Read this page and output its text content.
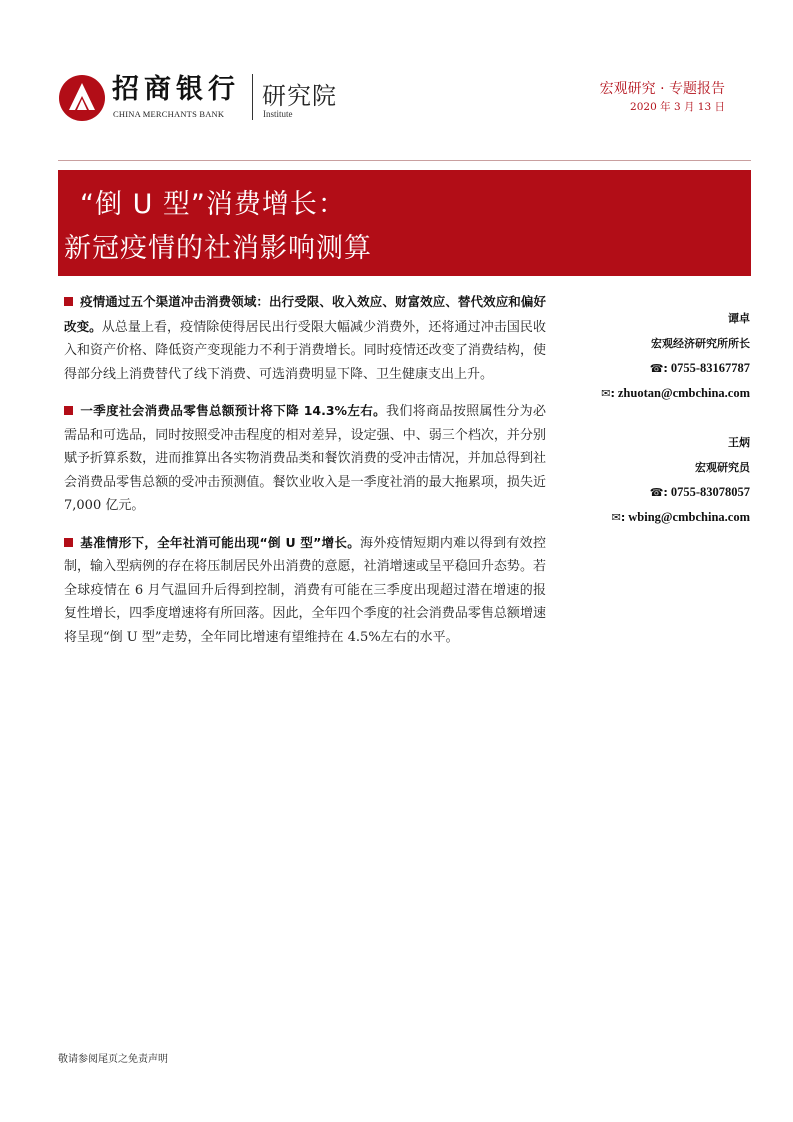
招商银行
CHINA MERCHANTS BANK
研究院
Institute
宏观研究 · 专题报告
2020 年 3 月 13 日
“倒 U 型”消费增长：
新冠疫情的社消影响测算

疫情通过五个渠道冲击消费领域：出行受限、收入效应、财富效应、替代效应和偏好改变。从总量上看，疫情除使得居民出行受限大幅减少消费外，还将通过冲击国民收入和资产价格、降低资产变现能力不利于消费增长。同时疫情还改变了消费结构，使得部分线上消费替代了线下消费、可选消费明显下降、卫生健康支出上升。

一季度社会消费品零售总额预计将下降 14.3%左右。我们将商品按照属性分为必需品和可选品，同时按照受冲击程度的相对差异，设定强、中、弱三个档次，并分别赋予折算系数，进而推算出各实物消费品类和餐饮消费的受冲击情况，并加总得到社会消费品零售总额的受冲击预测值。餐饮业收入是一季度社消的最大拖累项，损失近 7,000 亿元。

基准情形下，全年社消可能出现“倒 U 型”增长。海外疫情短期内难以得到有效控制，输入型病例的存在将压制居民外出消费的意愿，社消增速或呈平稳回升态势。若全球疫情在 6 月气温回升后得到控制，消费有可能在三季度出现超过潜在增速的报复性增长，四季度增速将有所回落。因此，全年四个季度的社会消费品零售总额增速将呈现“倒 U 型”走势，全年同比增速有望维持在 4.5%左右的水平。

谭卓
宏观经济研究所所长
☎: 0755-83167787
✉: zhuotan@cmbchina.com
王炳
宏观研究员
☎: 0755-83078057
✉: wbing@cmbchina.com
敬请参阅尾页之免责声明
